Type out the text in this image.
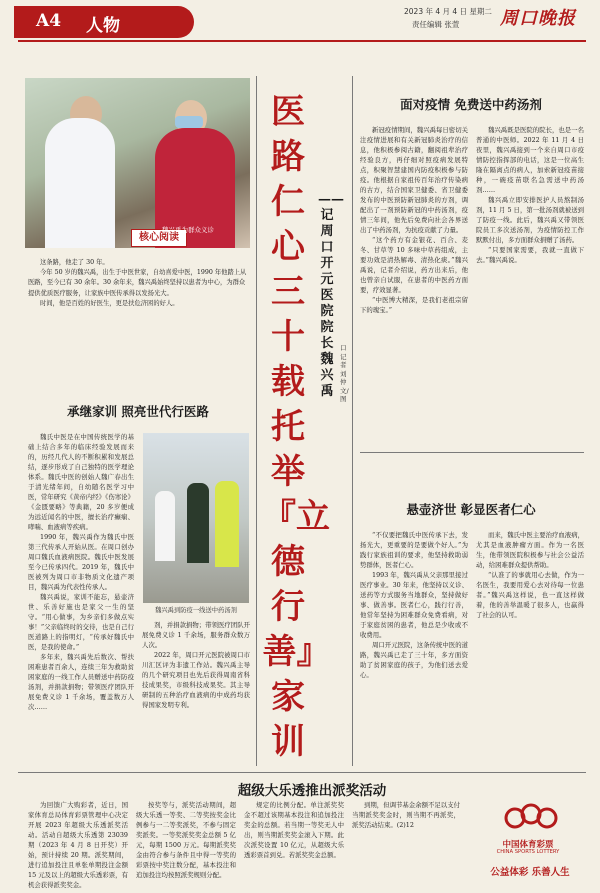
A4 人物
2023 年 4 月 4 日 星期二
责任编辑 张萱 周口晚报
核心阅读
魏兴禹为群众义诊

这条路，他走了 30 年。

今年 50 岁的魏兴禹，出生于中医世家，自幼喜爱中医，1990 年他踏上从医路，至今已有 30 余年。30 余年来，魏兴禹始终坚持以患者为中心，为群众提供优质医疗服务，让家族中医传承得以发扬光大。

时间，他是百姓的好医生，更是扶危济困的好人。

医路仁心三十载 托举『立德行善』家训
——记周口开元医院院长魏兴禹
口记者 刘仲文/图
承继家训 照亮世代行医路

魏氏中医是在中国传统医学的基础上结合多年的临床经验发展而来的，历经几代人的不断积累和发展总结，逐步形成了自己独特的医学理论体系。魏氏中医的创始人魏广春出生于清光绪年间，自幼随名医学习中医，常年研究《黄帝内经》《伤寒论》《金匮要略》等典籍，20 多岁便成为远近闻名的中医，擅长治疗癫痫、哮喘、血液病等疾病。

1990 年，魏兴禹作为魏氏中医第三代传承人开始从医。在周口创办周口魏氏血液病医院。魏氏中医发展至今已传承四代。2019 年，魏氏中医被列为周口市非物质文化遗产项目，魏兴禹为代表性传承人。

魏兴禹说，家训不能忘，悬壶济世、乐善好施也是家父一生的坚守。“用心做事，为乡亲们多做点实事！”父亲临终时的交待，也是自己行医道路上的指明灯，“传承好魏氏中医，是我的使命。”

多年来，魏兴禹先后数次、帮扶困难患者百余人，连续三年为救助贫困家庭的一线工作人员赠送中药防疫汤剂，并捐款捐物；带领医疗团队开展免费义诊 1 千余场，覆盖数万人次……

魏兴禹到防疫一线送中药汤剂

剂，并捐款捐物；带领医疗团队开展免费义诊 1 千余场，服务群众数万人次。

2022 年，周口开元医院被周口市川汇区评为非遗工作站。魏兴禹主导的几个研究项目也先后获得周南省科技成果奖，市级科技成果奖。其主导研制的五种治疗血液病的中成药均获得国家发明专利。

面对疫情 免费送中药汤剂

新冠疫情期间，魏兴禹每日密切关注疫情进展和有关新冠肺炎治疗的信息，他积极参阅古籍，翻阅祖辈治疗经验良方，再仔细对照疫病发展特点，积聚智慧建国内防疫积极参与防疫。他根据自家祖传百年治疗传染病的古方，结合国家卫健委、省卫健委发布的中医预防新冠肺炎的方剂，调配出了一剂预防新冠的中药汤剂，疫情三年间，他先后免费向社会各界送出了中药汤剂，为抗疫贡献了力量。

“这个药方有金银花、百合、麦冬、甘草等 10 多味中草药组成，主要功效是清热解毒、清热化痰。”魏兴禹说，记者介绍说，药方出来后，他也曾亲自试服，在患者的中医药方面要，疗效显著。

“中医博大精深，是我们老祖宗留下的瑰宝。”

魏兴禹既是医院的院长，也是一名普通的中医师。2022 年 11 月 4 日夜里，魏兴禹接到一个来自周口市疫情防控指挥部的电话，这是一位高生隆在隔离点的病人，加索新冠疫苗接种，一碗疫苗联名急需送中药汤剂……

魏兴禹立即安排医护人员熬制汤剂，11 月 5 日，第一批汤剂就被送到了防疫一线。此后，魏兴禹又带领医院员工多次送汤剂，为疫情防控工作默默付出，多方面群众捐赠了汤药。

“只要国家需要，我就一直做下去。”魏兴禹说。

悬壶济世 彰显医者仁心

“不仅要把魏氏中医传承下去，发扬光大，更重要的是要做个好人。”为践行家族祖训的要求，他坚持救助弱势群体，医者仁心。

1993 年，魏兴禹从父亲那里接过医疗事业。30 年来，他坚持以义诊、送药等方式服务当地群众，坚持做好事、做善事。医者仁心，践行行善，他常年坚持为困难群众免费看病，对于家庭贫困的患者，他总是少收或不收费用。

周口开元医院，这条传统中医的道路，魏兴禹已走了三十年，多方面资助了贫困家庭的孩子，为他们送去爱心。

而来，魏氏中医主要治疗血液病，尤其是血液肿瘤方面。作为一名医生，他带领医院积极参与社会公益活动，给困难群众提供帮助。

“认准了的事就用心去做，作为一名医生，我要用爱心去对待每一位患者。”魏兴禹这样说，也一直这样做着，他的善举温暖了很多人，也赢得了社会的认可。

超级大乐透推出派奖活动

为回馈广大购彩者，近日，国家体育总局体育彩票管理中心决定开展 2023 年超级大乐透派奖活动。活动自超级大乐透第 23039 期（2023 年 4 月 8 日开奖）开始，预计持续 20 期。派奖期间，进行追加投注且单张单期投注金额 15 元及以上的超级大乐透彩票，有机会获得派奖奖金。

按奖等与，派奖活动期间，超级大乐透一等奖、二等奖按奖金比例参与一二等奖派奖，不参与固定奖派奖。一等奖派奖奖金总额 5 亿元，每期 1500 万元。每期派奖奖金由符合参与条件且中得一等奖的彩票按中奖注数分配，基本投注和追加投注均按照派奖规则分配。

规定的比例分配。单注派奖奖金不超过该期基本投注和追加投注奖金的总额。若当期一等奖无人中出，则当期派奖奖金滚入下期。此次派奖设置 10 亿元，从超级大乐透彩票首到兑。若派奖奖金总额。

到期，但调节基金余额不足以支付当期派奖奖金时，则当期不再派奖，派奖活动结束。(2)12

中国体育彩票
CHINA SPORTS LOTTERY
公益体彩 乐善人生
